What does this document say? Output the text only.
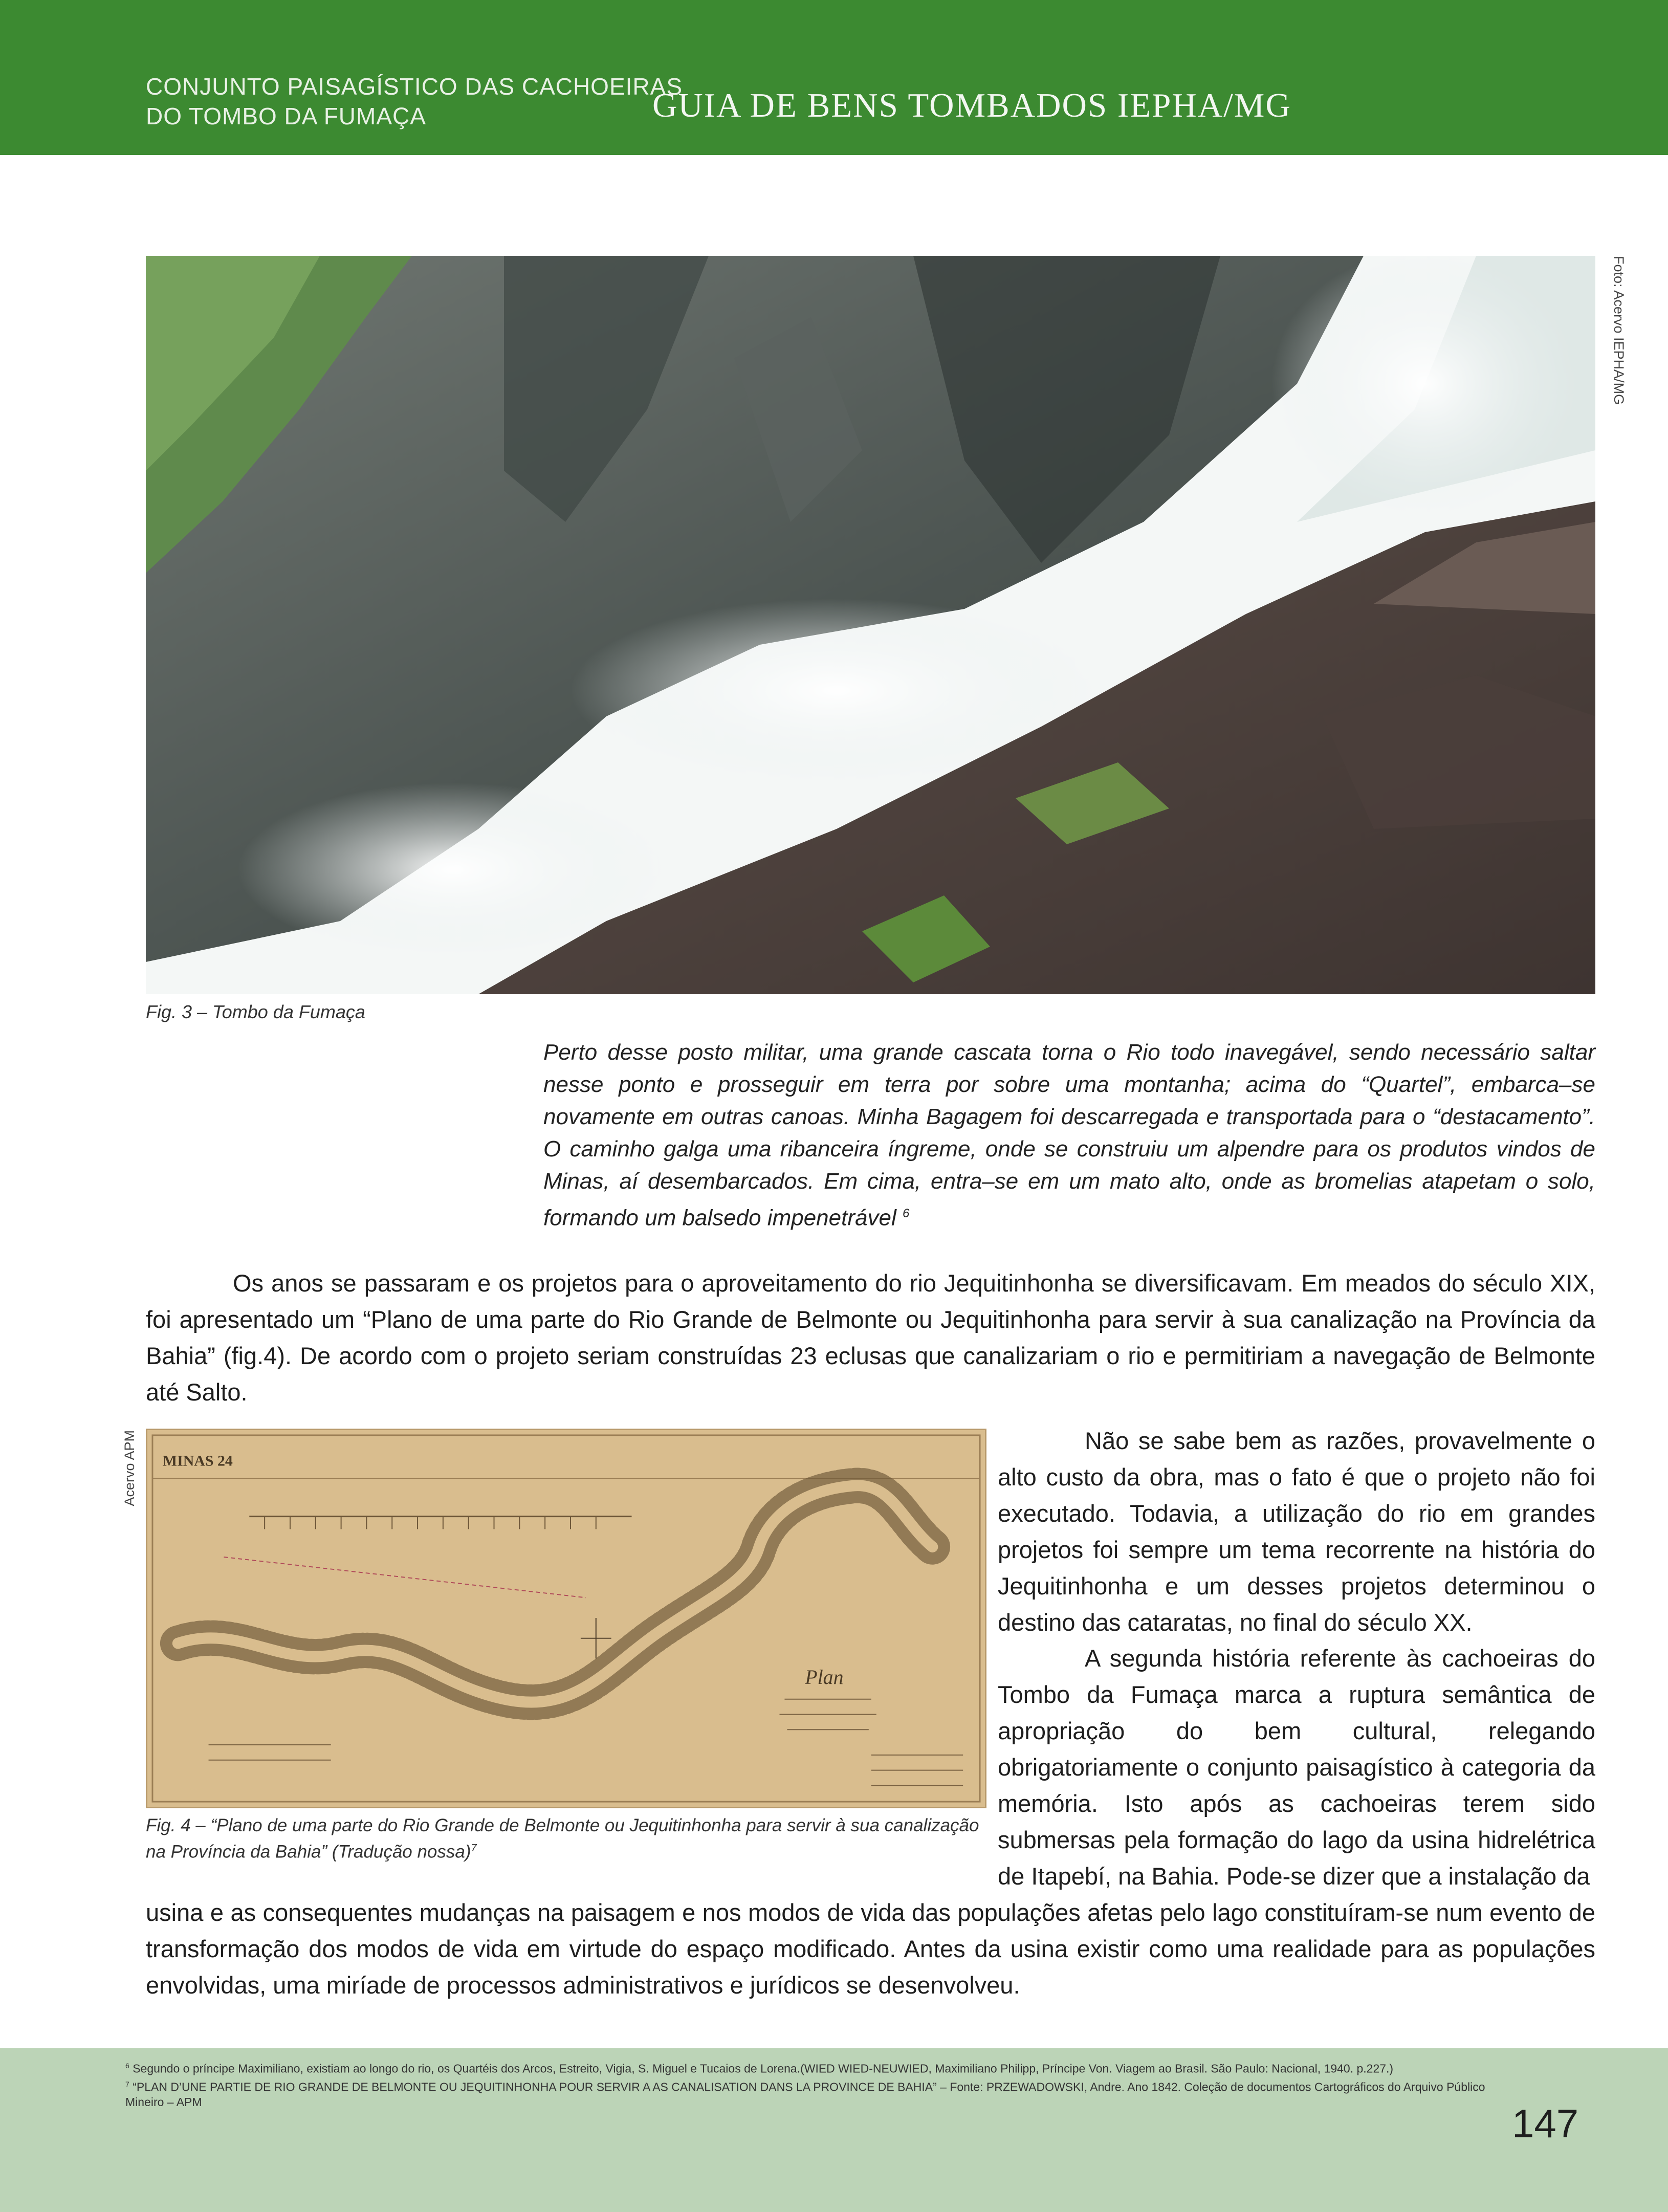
CONJUNTO PAISAGÍSTICO DAS CACHOEIRAS
DO TOMBO DA FUMAÇA	GUIA DE BENS TOMBADOS IEPHA/MG
Foto: Acervo IEPHA/MG
Fig. 3 – Tombo da Fumaça
Perto desse posto militar, uma grande cascata torna o Rio todo inavegável, sendo necessário saltar nesse ponto e prosseguir em terra por sobre uma montanha; acima do “Quartel”, embarca–se novamente em outras canoas. Minha Bagagem foi descarregada e transportada para o “destacamento”. O caminho galga uma ribanceira íngreme, onde se construiu um alpendre para os produtos vindos de Minas, aí desembarcados. Em cima, entra–se em um mato alto, onde as bromelias atapetam o solo, formando um balsedo impenetrável $^6$

Os anos se passaram e os projetos para o aproveitamento do rio Jequitinhonha se diversificavam. Em meados do século XIX, foi apresentado um “Plano de uma parte do Rio Grande de Belmonte ou Jequitinhonha para servir à sua canalização na Província da Bahia” (fig.4). De acordo com o projeto seriam construídas 23 eclusas que canalizariam o rio e permitiriam a navegação de Belmonte até Salto.

Acervo APM MINAS 24
Plan
Fig. 4 – “Plano de uma parte do Rio Grande de Belmonte ou Jequitinhonha para servir à sua canalização na Província da Bahia” (Tradução nossa)$^7$

Não se sabe bem as razões, provavelmente o alto custo da obra, mas o fato é que o projeto não foi executado. Todavia, a utilização do rio em grandes projetos foi sempre um tema recorrente na história do Jequitinhonha e um desses projetos determinou o destino das cataratas, no final do século XX.

A segunda história referente às cachoeiras do Tombo da Fumaça marca a ruptura semântica de apropriação do bem cultural, relegando obrigatoriamente o conjunto paisagístico à categoria da memória. Isto após as cachoeiras terem sido submersas pela formação do lago da usina hidrelétrica de Itapebí, na Bahia. Pode-se dizer que a instalação da

usina e as consequentes mudanças na paisagem e nos modos de vida das populações afetas pelo lago constituíram-se num evento de transformação dos modos de vida em virtude do espaço modificado. Antes da usina existir como uma realidade para as populações envolvidas, uma miríade de processos administrativos e jurídicos se desenvolveu.

$^6$ Segundo o príncipe Maximiliano, existiam ao longo do rio, os Quartéis dos Arcos, Estreito, Vigia, S. Miguel e Tucaios de Lorena.(WIED WIED-NEUWIED, Maximiliano Philipp, Príncipe Von. Viagem ao Brasil. São Paulo: Nacional, 1940. p.227.)

$^7$ “PLAN D’UNE PARTIE DE RIO GRANDE DE BELMONTE OU JEQUITINHONHA POUR SERVIR A AS CANALISATION DANS LA PROVINCE DE BAHIA” – Fonte: PRZEWADOWSKI, Andre. Ano 1842. Coleção de documentos Cartográficos do Arquivo Público Mineiro – APM	147
